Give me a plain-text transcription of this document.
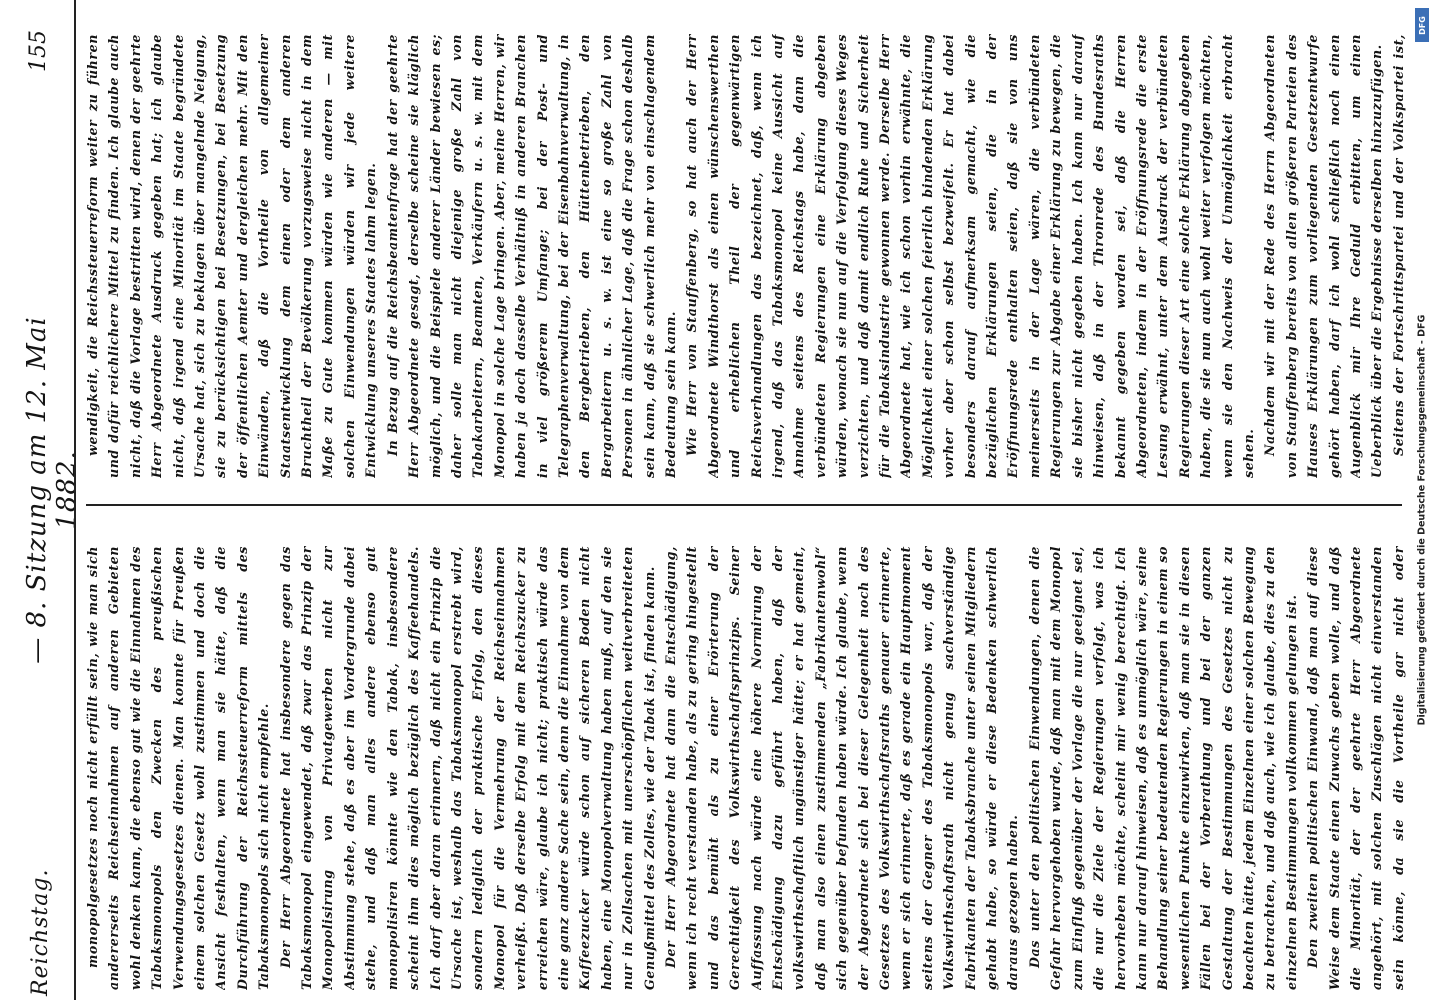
Reichstag.
— 8. Sitzung am 12. Mai 1882.
155

monopolgesetzes noch nicht erfüllt sein, wie man sich andererseits Reichseinnahmen auf anderen Gebieten wohl denken kann, die ebenso gut wie die Einnahmen des Tabaksmonopols den Zwecken des preußischen Verwendungsgesetzes dienen. Man konnte für Preußen einem solchen Gesetz wohl zustimmen und doch die Ansicht festhalten, wenn man sie hätte, daß die Durchführung der Reichssteuerreform mittels des Tabaksmonopols sich nicht empfehle. Der Herr Abgeordnete hat insbesondere gegen das Tabaksmonopol eingewendet, daß zwar das Prinzip der Monopolisirung von Privatgewerben nicht zur Abstimmung stehe, daß es aber im Vordergrunde dabei stehe, und daß man alles andere ebenso gut monopolisiren könnte wie den Tabak, insbesondere scheint ihm dies möglich bezüglich des Kaffeehandels. Ich darf aber daran erinnern, daß nicht ein Prinzip die Ursache ist, weshalb das Tabaksmonopol erstrebt wird, sondern lediglich der praktische Erfolg, den dieses Monopol für die Vermehrung der Reichseinnahmen verheißt. Daß derselbe Erfolg mit dem Reichszucker zu erreichen wäre, glaube ich nicht; praktisch würde das eine ganz andere Sache sein, denn die Einnahme von dem Kaffeezucker würde schon auf sicheren Boden nicht haben, eine Monopolverwaltung haben muß, auf den sie nur in Zollsachen mit unerschöpflichen weitverbreiteten Genußmittel des Zolles, wie der Tabak ist, finden kann. Der Herr Abgeordnete hat dann die Entschädigung, wenn ich recht verstanden habe, als zu gering hingestellt und das bemüht als zu einer Erörterung der Gerechtigkeit des Volkswirthschaftsprinzips. Seiner Auffassung nach würde eine höhere Normirung der Entschädigung dazu geführt haben, daß der volkswirthschaftlich ungünstiger hätte; er hat gemeint, daß man also einen zustimmenden „Fabrikantenwohl“ sich gegenüber befunden haben würde. Ich glaube, wenn der Abgeordnete sich bei dieser Gelegenheit noch des Gesetzes des Volkswirthschaftsraths genauer erinnerte, wenn er sich erinnerte, daß es gerade ein Hauptmoment seitens der Gegner des Tabaksmonopols war, daß der Volkswirthschaftsrath nicht genug sachverständige Fabrikanten der Tabaksbranche unter seinen Mitgliedern gehabt habe, so würde er diese Bedenken schwerlich daraus gezogen haben. Das unter den politischen Einwendungen, denen die Gefahr hervorgehoben wurde, daß man mit dem Monopol zum Einfluß gegenüber der Vorlage die nur geeignet sei, die nur die Ziele der Regierungen verfolgt, was ich hervorheben möchte, scheint mir wenig berechtigt. Ich kann nur darauf hinweisen, daß es unmöglich wäre, seine Behandlung seiner bedeutenden Regierungen in einem so wesentlichen Punkte einzuwirken, daß man sie in diesen Fällen bei der Vorberathung und bei der ganzen Gestaltung der Bestimmungen des Gesetzes nicht zu beachten hätte, jedem Einzelnen einer solchen Bewegung zu betrachten, und daß auch, wie ich glaube, dies zu den einzelnen Bestimmungen vollkommen gelungen ist. Den zweiten politischen Einwand, daß man auf diese Weise dem Staate einen Zuwachs geben wolle, und daß die Minorität, der der geehrte Herr Abgeordnete angehört, mit solchen Zuschlägen nicht einverstanden sein könne, da sie die Vortheile gar nicht oder

wendigkeit, die Reichssteuerreform weiter zu führen und dafür reichlichere Mittel zu finden. Ich glaube auch nicht, daß die Vorlage bestritten wird, denen der geehrte Herr Abgeordnete Ausdruck gegeben hat; ich glaube nicht, daß irgend eine Minorität im Staate begründete Ursache hat, sich zu beklagen über mangelnde Neigung, sie zu berücksichtigen bei Besetzungen, bei Besetzung der öffentlichen Aemter und dergleichen mehr. Mit den Einwänden, daß die Vortheile von allgemeiner Staatsentwicklung dem einen oder dem anderen Bruchtheil der Bevölkerung vorzugsweise nicht in dem Maße zu Gute kommen würden wie anderen — mit solchen Einwendungen würden wir jede weitere Entwicklung unseres Staates lahm legen. In Bezug auf die Reichsbeamtenfrage hat der geehrte Herr Abgeordnete gesagt, derselbe scheine sie kläglich möglich, und die Beispiele anderer Länder bewiesen es; daher solle man nicht diejenige große Zahl von Tabakarbeitern, Beamten, Verkäufern u. s. w. mit dem Monopol in solche Lage bringen. Aber, meine Herren, wir haben ja doch dasselbe Verhältniß in anderen Branchen in viel größerem Umfange; bei der Post- und Telegraphenverwaltung, bei der Eisenbahnverwaltung, in den Bergbetrieben, den Hüttenbetrieben, den Bergarbeitern u. s. w. ist eine so große Zahl von Personen in ähnlicher Lage, daß die Frage schon deshalb sein kann, daß sie schwerlich mehr von einschlagendem Bedeutung sein kann. Wie Herr von Stauffenberg, so hat auch der Herr Abgeordnete Windthorst als einen wünschenswerthen und erheblichen Theil der gegenwärtigen Reichsverhandlungen das bezeichnet, daß, wenn ich irgend, daß das Tabaksmonopol keine Aussicht auf Annahme seitens des Reichstags habe, dann die verbündeten Regierungen eine Erklärung abgeben würden, wonach sie nun auf die Verfolgung dieses Weges verzichten, und daß damit endlich Ruhe und Sicherheit für die Tabaksindustrie gewonnen werde. Derselbe Herr Abgeordnete hat, wie ich schon vorhin erwähnte, die Möglichkeit einer solchen feierlich bindenden Erklärung vorher aber schon selbst bezweifelt. Er hat dabei besonders darauf aufmerksam gemacht, wie die bezüglichen Erklärungen seien, die in der Eröffnungsrede enthalten seien, daß sie von uns meinerseits in der Lage wären, die verbündeten Regierungen zur Abgabe einer Erklärung zu bewegen, die sie bisher nicht gegeben haben. Ich kann nur darauf hinweisen, daß in der Thronrede des Bundesraths bekannt gegeben worden sei, daß die Herren Abgeordneten, indem in der Eröffnungsrede die erste Lesung erwähnt, unter dem Ausdruck der verbündeten Regierungen dieser Art eine solche Erklärung abgegeben haben, die sie nun auch wohl weiter verfolgen möchten, wenn sie den Nachweis der Unmöglichkeit erbracht sehen. Nachdem wir mit der Rede des Herrn Abgeordneten von Stauffenberg bereits von allen größeren Parteien des Hauses Erklärungen zum vorliegenden Gesetzentwurfe gehört haben, darf ich wohl schließlich noch einen Augenblick mir Ihre Geduld erbitten, um einen Ueberblick über die Ergebnisse derselben hinzuzufügen. Seitens der Fortschrittspartei und der Volkspartei ist,

DFG
Digitalisierung gefördert durch die Deutsche Forschungsgemeinschaft - DFG
